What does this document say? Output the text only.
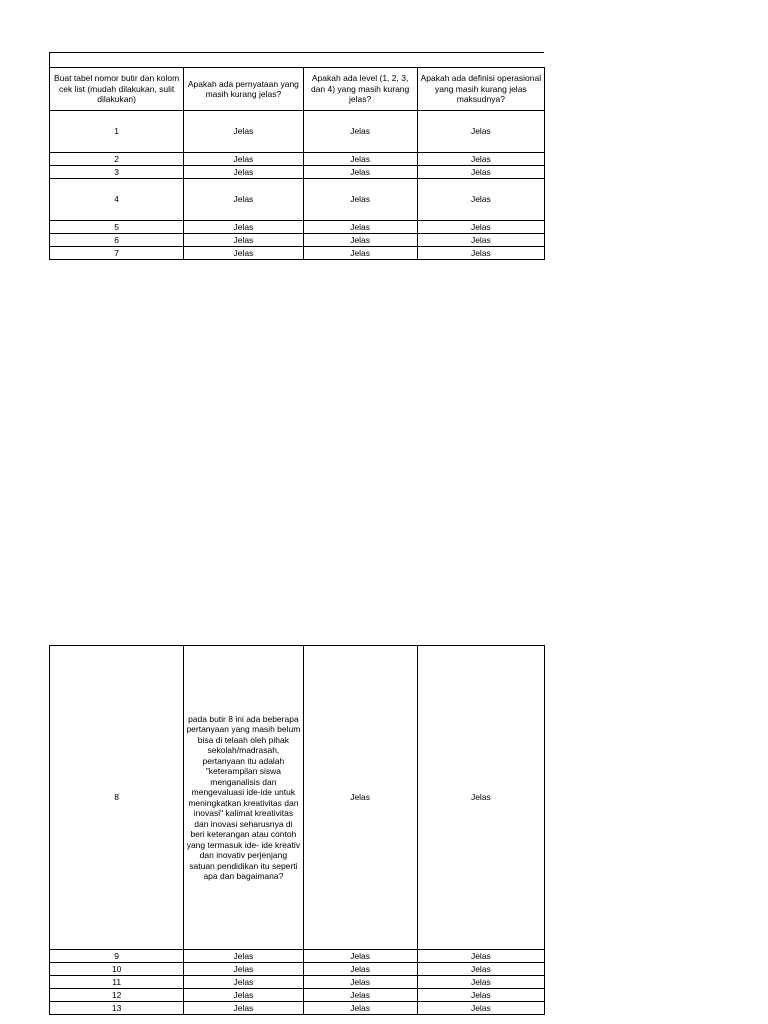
Buat tabel nomor butir dan kolom cek list (mudah dilakukan, sulit dilakukan)	Apakah ada pernyataan yang masih kurang jelas?	Apakah ada level (1, 2, 3, dan 4) yang masih kurang jelas?	Apakah ada definisi operasional yang masih kurang jelas maksudnya?
1	Jelas	Jelas	Jelas
2	Jelas	Jelas	Jelas
3	Jelas	Jelas	Jelas
4	Jelas	Jelas	Jelas
5	Jelas	Jelas	Jelas
6	Jelas	Jelas	Jelas
7	Jelas	Jelas	Jelas
8	pada butir 8 ini ada beberapa pertanyaan yang masih belum bisa di telaah oleh pihak sekolah/madrasah, pertanyaan itu adalah "keterampilan siswa menganalisis dan mengevaluasi ide-ide untuk meningkatkan kreativitas dan inovasi" kalimat kreativitas dan inovasi seharusnya di beri keterangan atau contoh yang termasuk ide- ide kreativ dan inovativ perjenjang satuan pendidikan itu seperti apa dan bagaimana?	Jelas	Jelas
9	Jelas	Jelas	Jelas
10	Jelas	Jelas	Jelas
11	Jelas	Jelas	Jelas
12	Jelas	Jelas	Jelas
13	Jelas	Jelas	Jelas
